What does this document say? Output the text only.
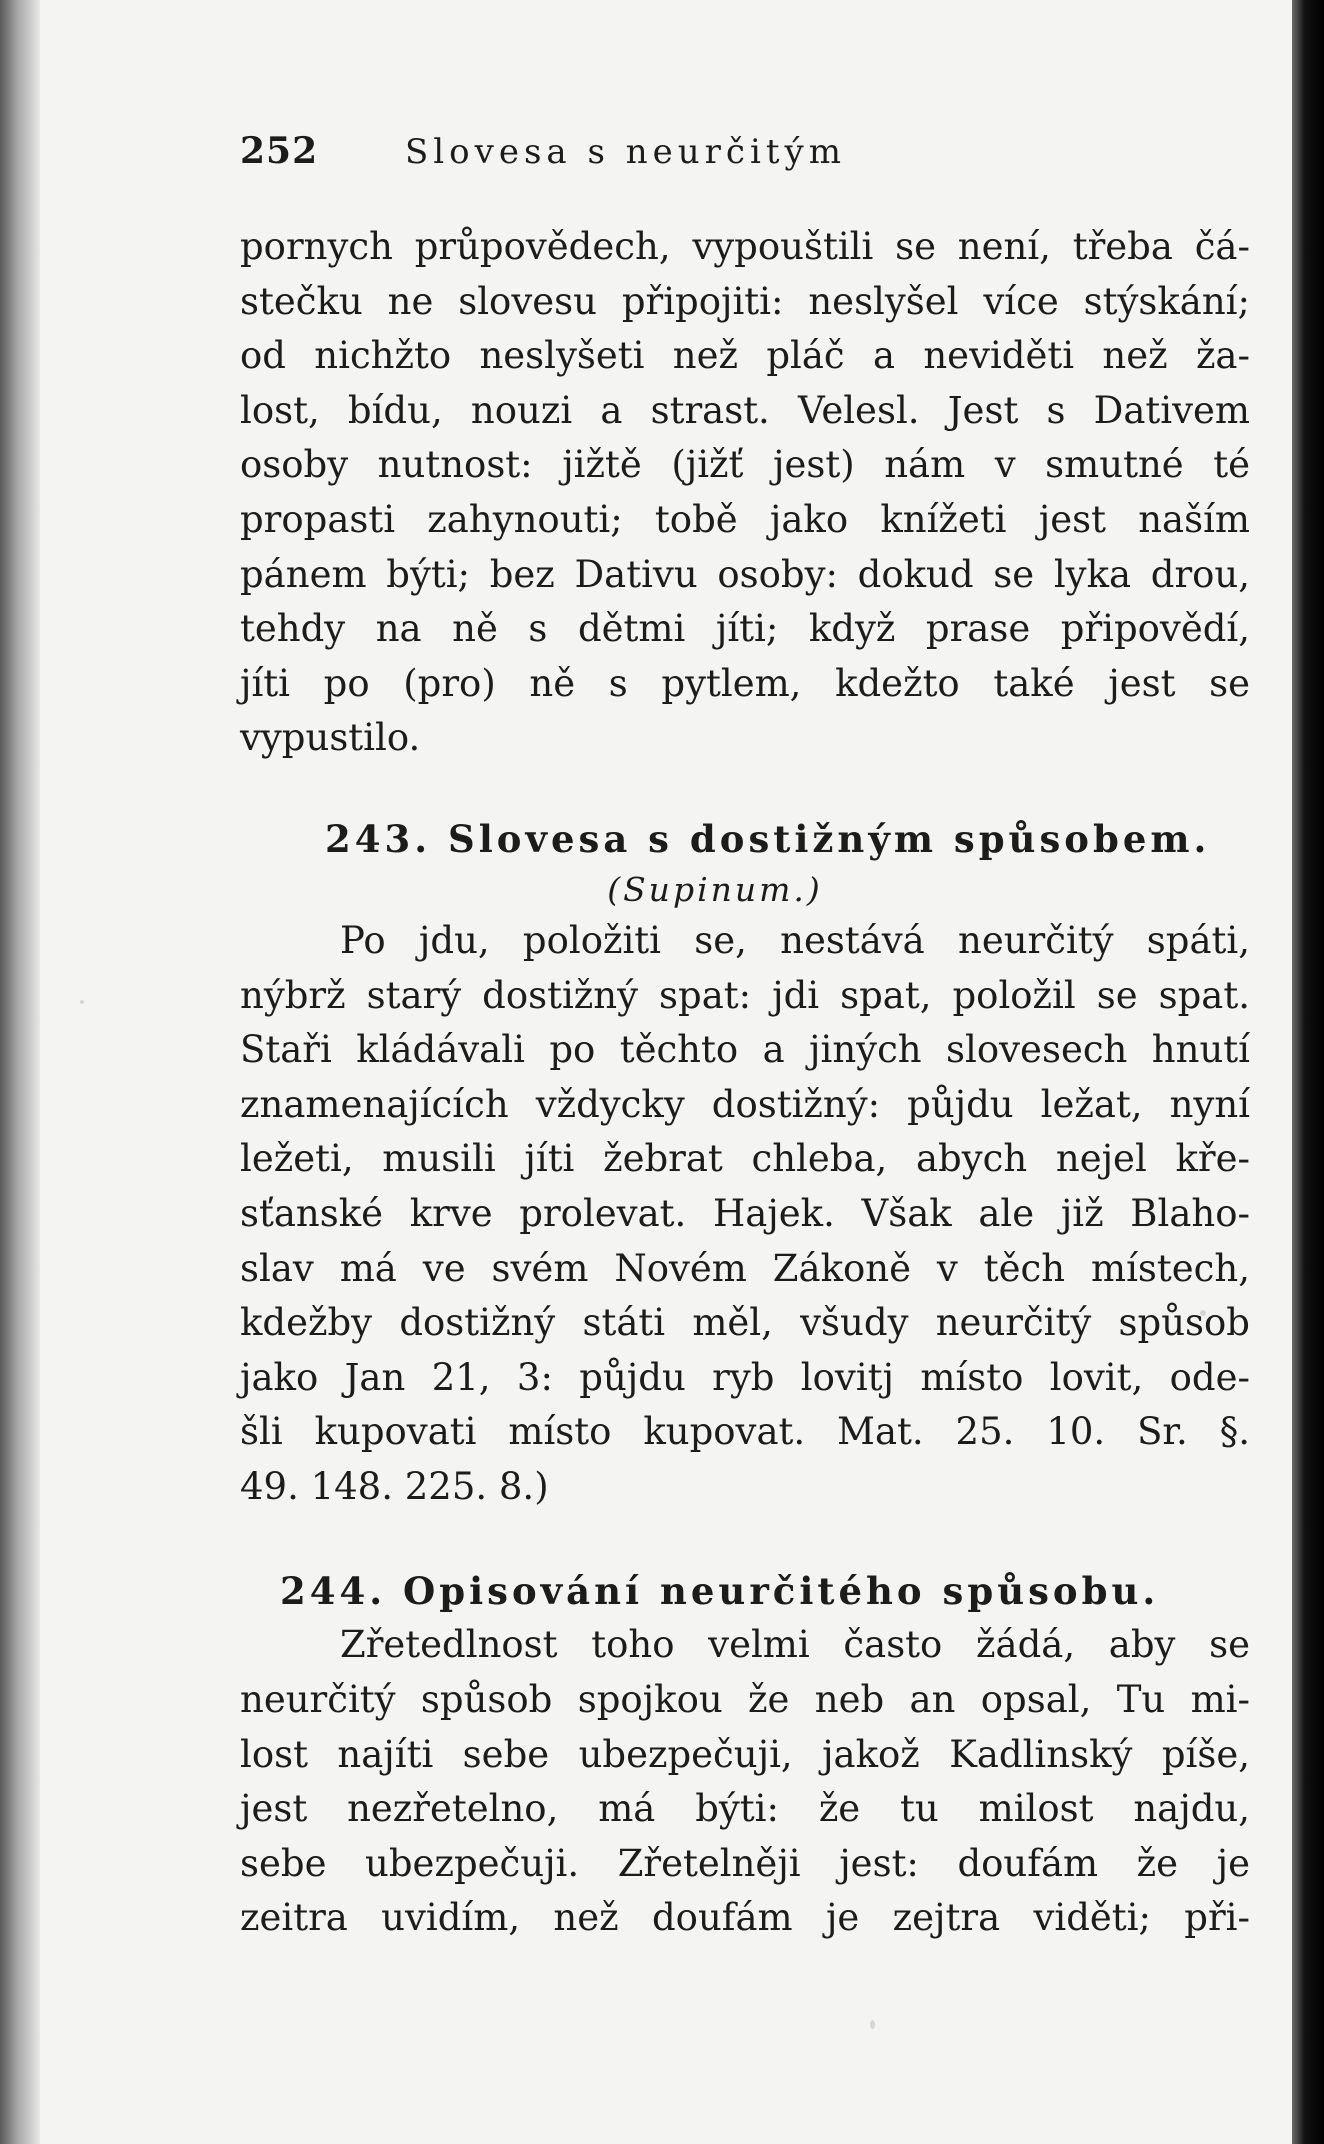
252	Slovesa s neurčitým
pornych průpovědech, vypouštili se není, třeba čá-
stečku ne slovesu připojiti: neslyšel více stýskání;
od nichžto neslyšeti než pláč a neviděti než ža-
lost, bídu, nouzi a strast. Velesl. Jest s Dativem
osoby nutnost: jižtě (jižť jest) nám v smutné té
propasti zahynouti; tobě jako knížeti jest naším
pánem býti; bez Dativu osoby: dokud se lyka drou,
tehdy na ně s dětmi jíti; když prase připovědí,
jíti po (pro) ně s pytlem, kdežto také jest se
vypustilo.
243. Slovesa s dostižným spůsobem.
(Supinum.)
Po jdu, položiti se, nestává neurčitý spáti,
nýbrž starý dostižný spat: jdi spat, položil se spat.
Staři kládávali po těchto a jiných slovesech hnutí
znamenajících vždycky dostižný: půjdu ležat, nyní
ležeti, musili jíti žebrat chleba, abych nejel kře-
sťanské krve prolevat. Hajek. Však ale již Blaho-
slav má ve svém Novém Zákoně v těch místech,
kdežby dostižný státi měl, všudy neurčitý spůsob
jako Jan 21, 3: půjdu ryb lovitj místo lovit, ode-
šli kupovati místo kupovat. Mat. 25. 10. Sr. §.
49. 148. 225. 8.)
244. Opisování neurčitého spůsobu.
Zřetedlnost toho velmi často žádá, aby se
neurčitý spůsob spojkou že neb an opsal, Tu mi-
lost najíti sebe ubezpečuji, jakož Kadlinský píše,
jest nezřetelno, má býti: že tu milost najdu,
sebe ubezpečuji. Zřetelněji jest: doufám že je
zeitra uvidím, než doufám je zejtra viděti; při-
